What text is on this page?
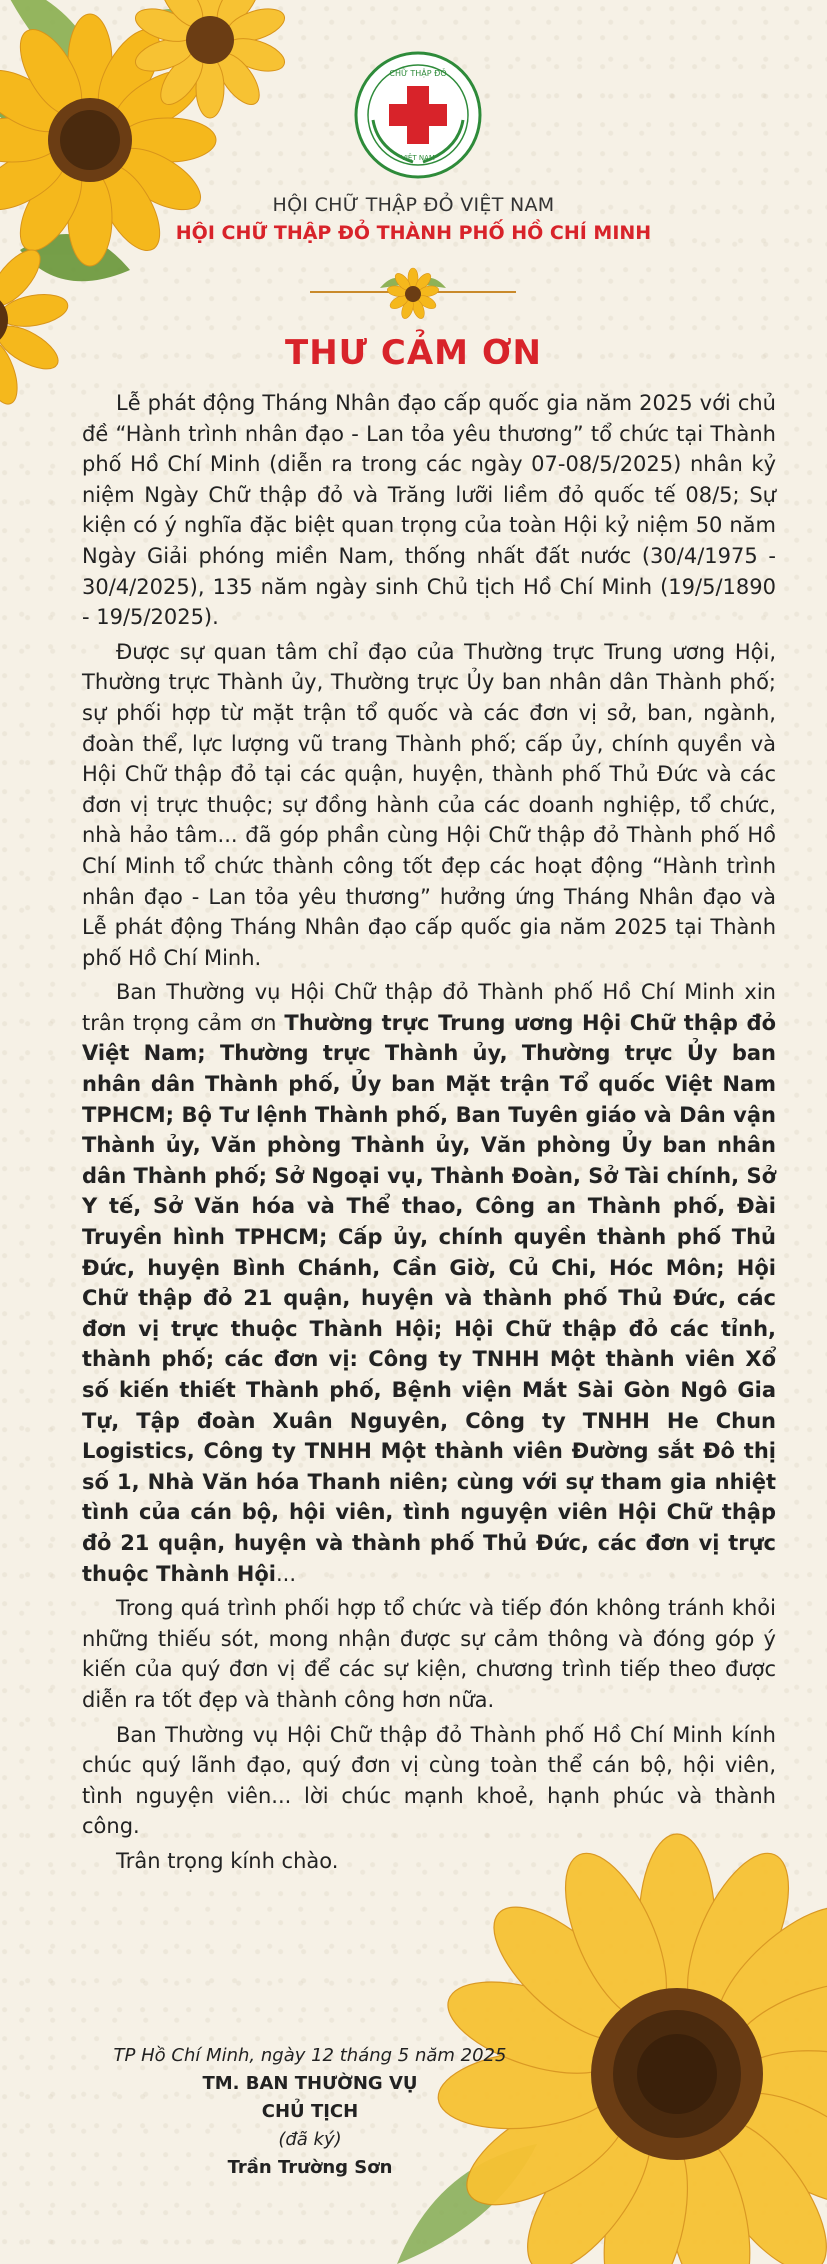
CHỮ THẬP ĐỎ
VIỆT NAM
HỘI CHỮ THẬP ĐỎ VIỆT NAM
HỘI CHỮ THẬP ĐỎ THÀNH PHỐ HỒ CHÍ MINH
THƯ CẢM ƠN

Lễ phát động Tháng Nhân đạo cấp quốc gia năm 2025 với chủ đề “Hành trình nhân đạo - Lan tỏa yêu thương” tổ chức tại Thành phố Hồ Chí Minh (diễn ra trong các ngày 07-08/5/2025) nhân kỷ niệm Ngày Chữ thập đỏ và Trăng lưỡi liềm đỏ quốc tế 08/5; Sự kiện có ý nghĩa đặc biệt quan trọng của toàn Hội kỷ niệm 50 năm Ngày Giải phóng miền Nam, thống nhất đất nước (30/4/1975 - 30/4/2025), 135 năm ngày sinh Chủ tịch Hồ Chí Minh (19/5/1890 - 19/5/2025).

Được sự quan tâm chỉ đạo của Thường trực Trung ương Hội, Thường trực Thành ủy, Thường trực Ủy ban nhân dân Thành phố; sự phối hợp từ mặt trận tổ quốc và các đơn vị sở, ban, ngành, đoàn thể, lực lượng vũ trang Thành phố; cấp ủy, chính quyền và Hội Chữ thập đỏ tại các quận, huyện, thành phố Thủ Đức và các đơn vị trực thuộc; sự đồng hành của các doanh nghiệp, tổ chức, nhà hảo tâm... đã góp phần cùng Hội Chữ thập đỏ Thành phố Hồ Chí Minh tổ chức thành công tốt đẹp các hoạt động “Hành trình nhân đạo - Lan tỏa yêu thương” hưởng ứng Tháng Nhân đạo và Lễ phát động Tháng Nhân đạo cấp quốc gia năm 2025 tại Thành phố Hồ Chí Minh.

Ban Thường vụ Hội Chữ thập đỏ Thành phố Hồ Chí Minh xin trân trọng cảm ơn Thường trực Trung ương Hội Chữ thập đỏ Việt Nam; Thường trực Thành ủy, Thường trực Ủy ban nhân dân Thành phố, Ủy ban Mặt trận Tổ quốc Việt Nam TPHCM; Bộ Tư lệnh Thành phố, Ban Tuyên giáo và Dân vận Thành ủy, Văn phòng Thành ủy, Văn phòng Ủy ban nhân dân Thành phố; Sở Ngoại vụ, Thành Đoàn, Sở Tài chính, Sở Y tế, Sở Văn hóa và Thể thao, Công an Thành phố, Đài Truyền hình TPHCM; Cấp ủy, chính quyền thành phố Thủ Đức, huyện Bình Chánh, Cần Giờ, Củ Chi, Hóc Môn; Hội Chữ thập đỏ 21 quận, huyện và thành phố Thủ Đức, các đơn vị trực thuộc Thành Hội; Hội Chữ thập đỏ các tỉnh, thành phố; các đơn vị: Công ty TNHH Một thành viên Xổ số kiến thiết Thành phố, Bệnh viện Mắt Sài Gòn Ngô Gia Tự, Tập đoàn Xuân Nguyên, Công ty TNHH He Chun Logistics, Công ty TNHH Một thành viên Đường sắt Đô thị số 1, Nhà Văn hóa Thanh niên; cùng với sự tham gia nhiệt tình của cán bộ, hội viên, tình nguyện viên Hội Chữ thập đỏ 21 quận, huyện và thành phố Thủ Đức, các đơn vị trực thuộc Thành Hội...

Trong quá trình phối hợp tổ chức và tiếp đón không tránh khỏi những thiếu sót, mong nhận được sự cảm thông và đóng góp ý kiến của quý đơn vị để các sự kiện, chương trình tiếp theo được diễn ra tốt đẹp và thành công hơn nữa.

Ban Thường vụ Hội Chữ thập đỏ Thành phố Hồ Chí Minh kính chúc quý lãnh đạo, quý đơn vị cùng toàn thể cán bộ, hội viên, tình nguyện viên... lời chúc mạnh khoẻ, hạnh phúc và thành công.

Trân trọng kính chào.

TP Hồ Chí Minh, ngày 12 tháng 5 năm 2025
TM. BAN THƯỜNG VỤ
CHỦ TỊCH
(đã ký)
Trần Trường Sơn
